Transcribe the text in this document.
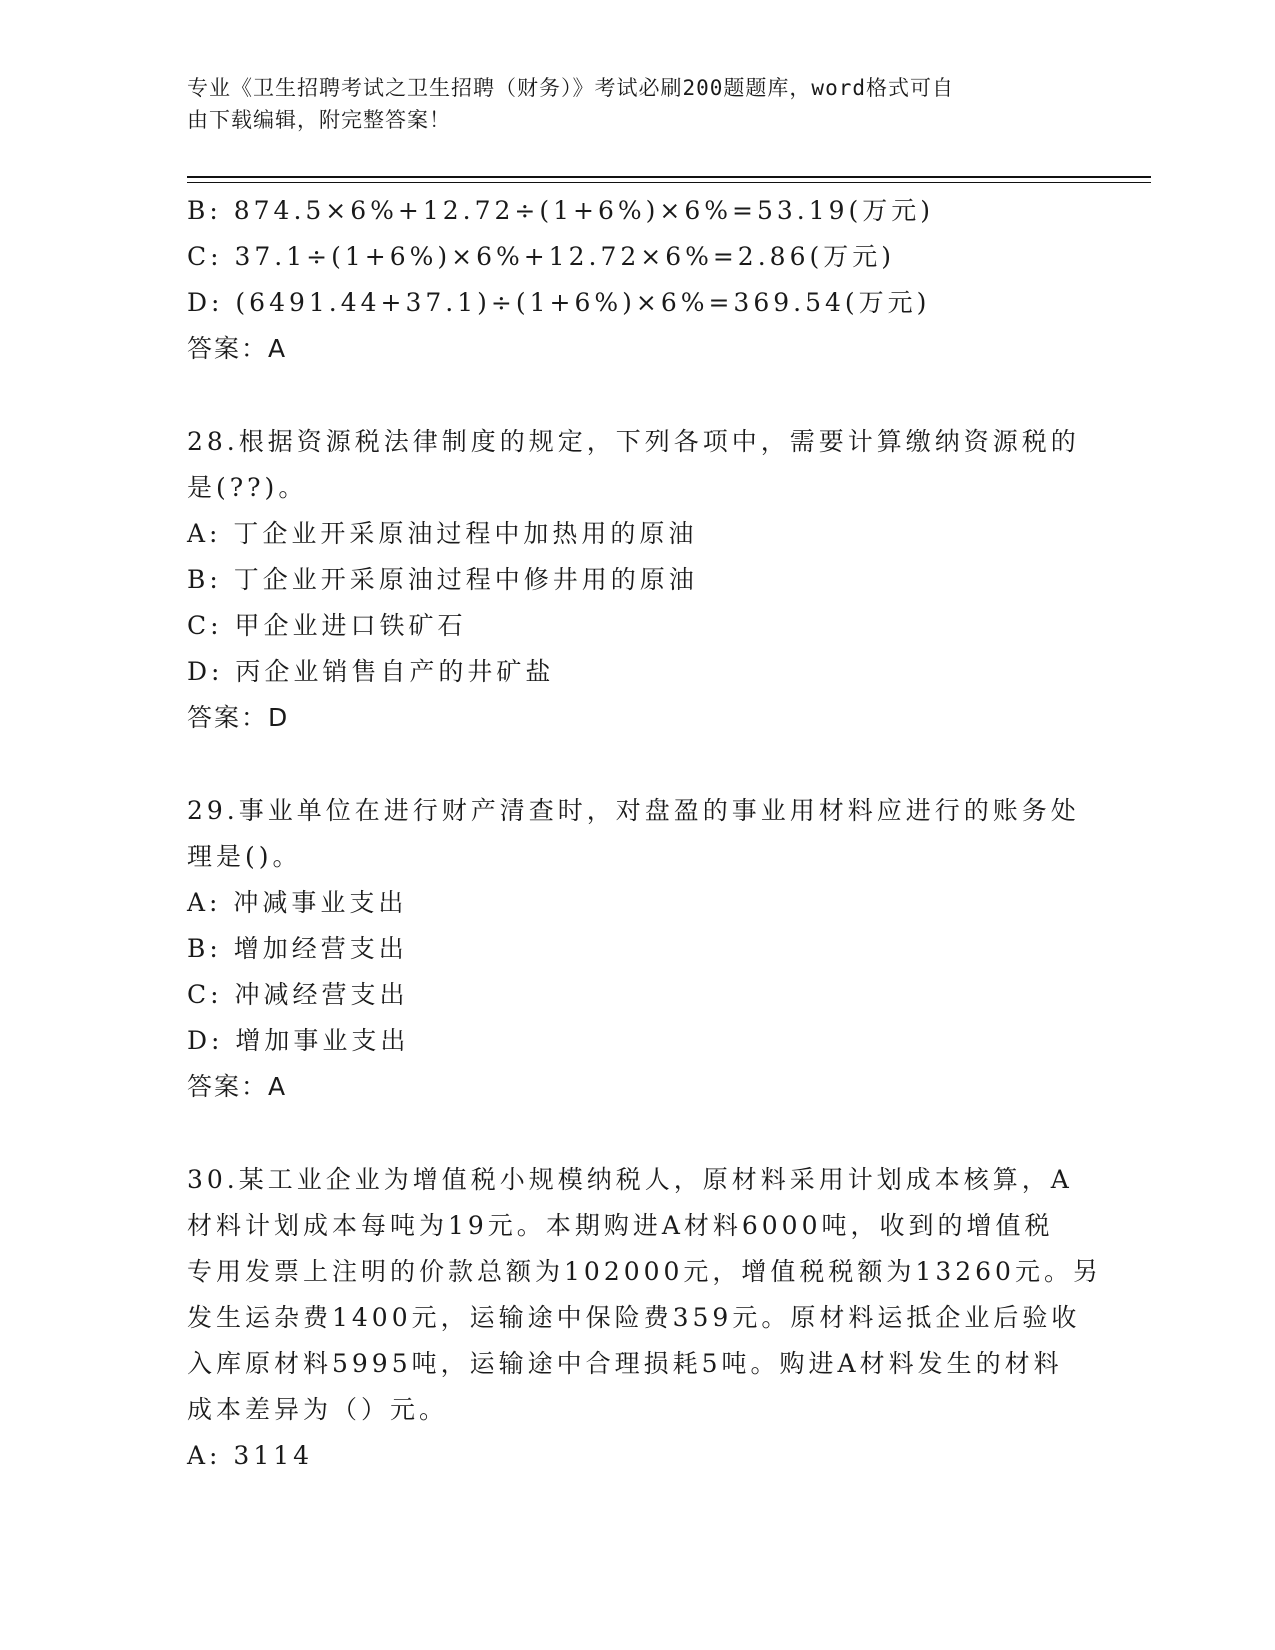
专业《卫生招聘考试之卫生招聘（财务）》考试必刷200题题库，word格式可自
由下载编辑，附完整答案！
B: 874.5×6%+12.72÷(1+6%)×6%=53.19(万元)
C: 37.1÷(1+6%)×6%+12.72×6%=2.86(万元)
D: (6491.44+37.1)÷(1+6%)×6%=369.54(万元)
答案：A
28.根据资源税法律制度的规定，下列各项中，需要计算缴纳资源税的
是(??)。
A: 丁企业开采原油过程中加热用的原油
B: 丁企业开采原油过程中修井用的原油
C: 甲企业进口铁矿石
D: 丙企业销售自产的井矿盐
答案：D
29.事业单位在进行财产清查时，对盘盈的事业用材料应进行的账务处
理是()。
A: 冲减事业支出
B: 增加经营支出
C: 冲减经营支出
D: 增加事业支出
答案：A
30.某工业企业为增值税小规模纳税人，原材料采用计划成本核算，A
材料计划成本每吨为19元。本期购进A材料6000吨，收到的增值税
专用发票上注明的价款总额为102000元，增值税税额为13260元。另
发生运杂费1400元，运输途中保险费359元。原材料运抵企业后验收
入库原材料5995吨，运输途中合理损耗5吨。购进A材料发生的材料
成本差异为（）元。
A: 3114
